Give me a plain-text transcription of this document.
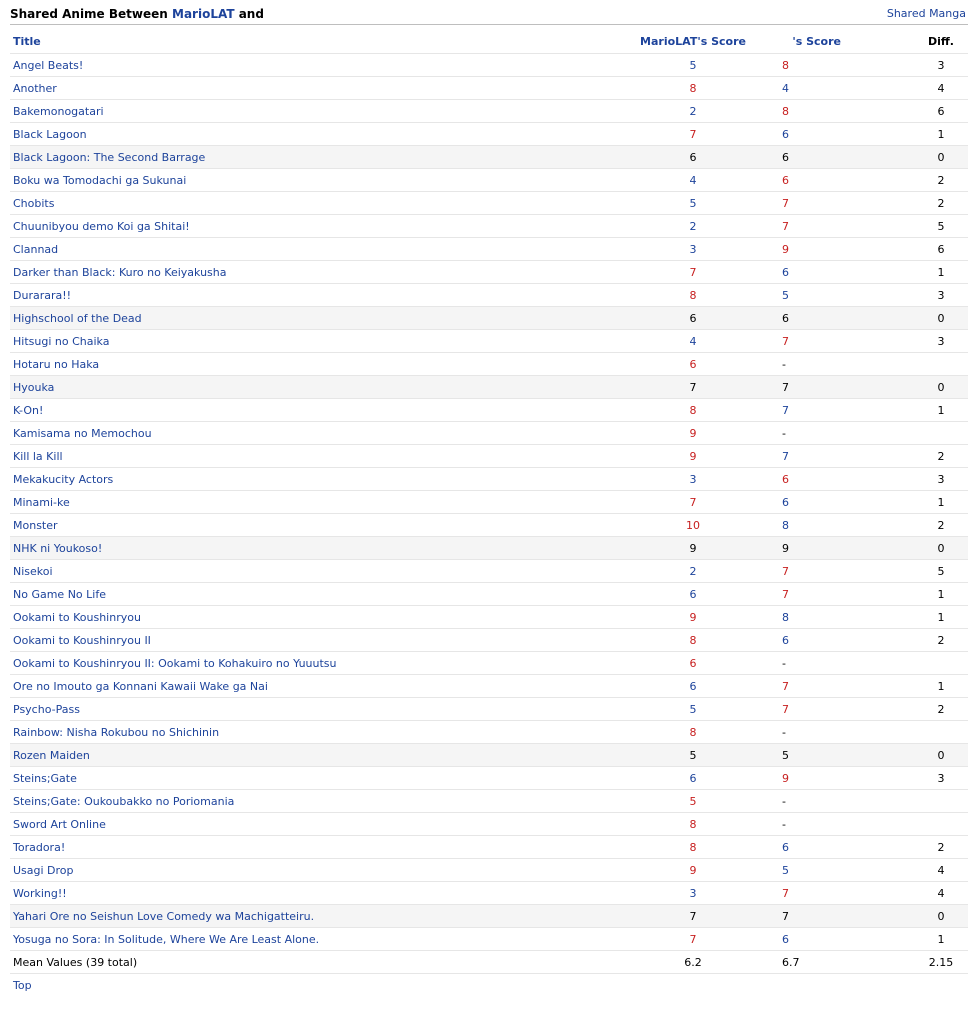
Shared Anime Between MarioLAT and	Shared Manga
Title	MarioLAT's Score	's Score	Diff.
Angel Beats!	5	8	3
Another	8	4	4
Bakemonogatari	2	8	6
Black Lagoon	7	6	1
Black Lagoon: The Second Barrage	6	6	0
Boku wa Tomodachi ga Sukunai	4	6	2
Chobits	5	7	2
Chuunibyou demo Koi ga Shitai!	2	7	5
Clannad	3	9	6
Darker than Black: Kuro no Keiyakusha	7	6	1
Durarara!!	8	5	3
Highschool of the Dead	6	6	0
Hitsugi no Chaika	4	7	3
Hotaru no Haka	6	-	
Hyouka	7	7	0
K-On!	8	7	1
Kamisama no Memochou	9	-	
Kill la Kill	9	7	2
Mekakucity Actors	3	6	3
Minami-ke	7	6	1
Monster	10	8	2
NHK ni Youkoso!	9	9	0
Nisekoi	2	7	5
No Game No Life	6	7	1
Ookami to Koushinryou	9	8	1
Ookami to Koushinryou II	8	6	2
Ookami to Koushinryou II: Ookami to Kohakuiro no Yuuutsu	6	-	
Ore no Imouto ga Konnani Kawaii Wake ga Nai	6	7	1
Psycho-Pass	5	7	2
Rainbow: Nisha Rokubou no Shichinin	8	-	
Rozen Maiden	5	5	0
Steins;Gate	6	9	3
Steins;Gate: Oukoubakko no Poriomania	5	-	
Sword Art Online	8	-	
Toradora!	8	6	2
Usagi Drop	9	5	4
Working!!	3	7	4
Yahari Ore no Seishun Love Comedy wa Machigatteiru.	7	7	0
Yosuga no Sora: In Solitude, Where We Are Least Alone.	7	6	1
Mean Values (39 total)	6.2	6.7	2.15
Top			
